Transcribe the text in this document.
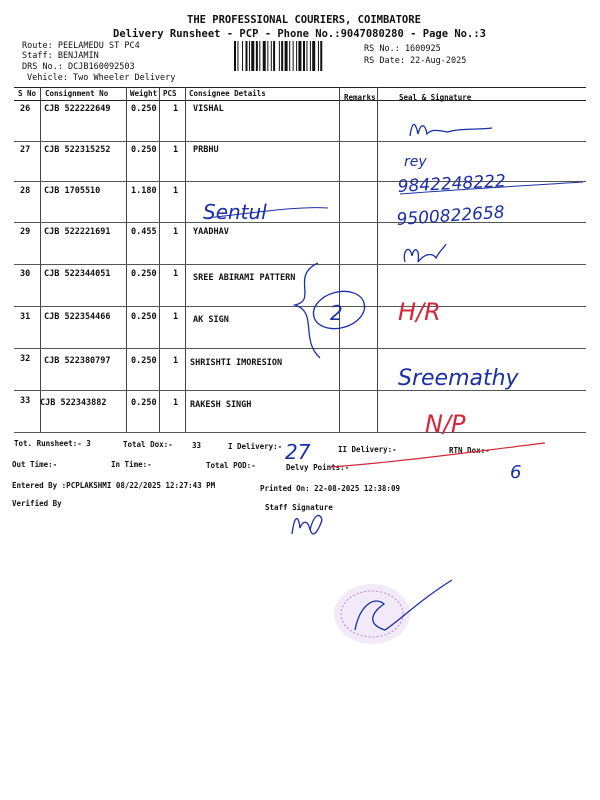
THE PROFESSIONAL COURIERS, COIMBATORE
Delivery Runsheet - PCP - Phone No.:9047080280 - Page No.:3
Route: PEELAMEDU ST PC4
Staff: BENJAMIN
DRS No.: DCJB160092503
Vehicle: Two Wheeler Delivery
RS No.: 1600925
RS Date: 22-Aug-2025
S No Consignment No	Weight PCS Consignee Details	Remarks	Seal & Signature
26 CJB 522222649 0.250 1 VISHAL
27 CJB 522315252 0.250 1 PRBHU
28 CJB 1705510	1.180 1
29 CJB 522221691 0.455 1 YAADHAV
30 CJB 522344051 0.250 1 SREE ABIRAMI PATTERN
31 CJB 522354466 0.250 1 AK SIGN
32 CJB 522380797 0.250 1 SHRISHTI IMORESION
33 CJB 522343882	0.250 1 RAKESH SINGH
Tot. Runsheet:- 3	Total Dox:-	33	I Delivery:-	II Delivery:-	RTN Dox:-
Out Time:-	In Time:-	Total POD:-	Delvy Points:-
Entered By :PCPLAKSHMI 08/22/2025 12:27:43 PM	Printed On: 22-08-2025 12:38:09
Verified By	Staff Signature
rey
Sentul
9842248222
9500822658
2 H/R
Sreemathy
N/P
27
6
